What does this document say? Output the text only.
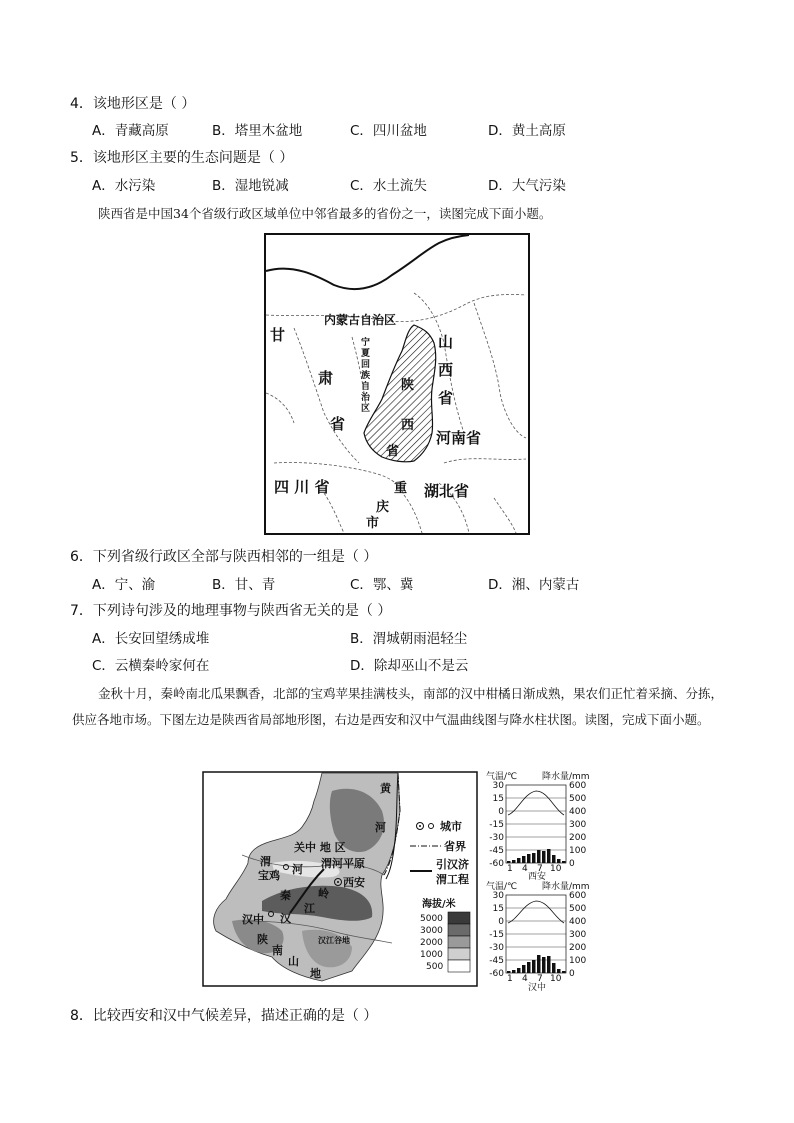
4．该地形区是（ ）
A．青藏高原	B．塔里木盆地	C．四川盆地	D．黄土高原
5．该地形区主要的生态问题是（ ）
A．水污染	B．湿地锐减	C．水土流失	D．大气污染
陕西省是中国34个省级行政区域单位中邻省最多的省份之一，读图完成下面小题。
内蒙古自治区
甘
肃
省
宁
夏
回
族
自
治
区
陕
西
省
山
西
省
河南省
四 川 省	重
庆
市
湖北省
6．下列省级行政区全部与陕西相邻的一组是（ ）
A．宁、渝	B．甘、青	C．鄂、冀	D．湘、内蒙古
7．下列诗句涉及的地理事物与陕西省无关的是（ ）
A．长安回望绣成堆	B．渭城朝雨浥轻尘
C．云横秦岭家何在	D．除却巫山不是云
金秋十月，秦岭南北瓜果飘香，北部的宝鸡苹果挂满枝头，南部的汉中柑橘日渐成熟，果农们正忙着采摘、分拣，供应各地市场。下图左边是陕西省局部地形图，右边是西安和汉中气温曲线图与降水柱状图。读图，完成下面小题。
黄
河
关中 地 区
渭
河
宝鸡
渭河平原
西安
秦 岭
汉中 汉
江
汉江谷地
陕
南
山
地
城市
省界
引汉济
渭工程
海拔/米
5000
3000
2000
1000
500
气温/℃	降水量/mm
30
15
0
-15
-30
-45
-60
600
500
400
300
200
100
0
1 4 7 10
西安
气温/℃	降水量/mm
30
15
0
-15
-30
-45
-60
600
500
400
300
200
100
0
1 4 7 10
汉中
8．比较西安和汉中气候差异，描述正确的是（ ）
